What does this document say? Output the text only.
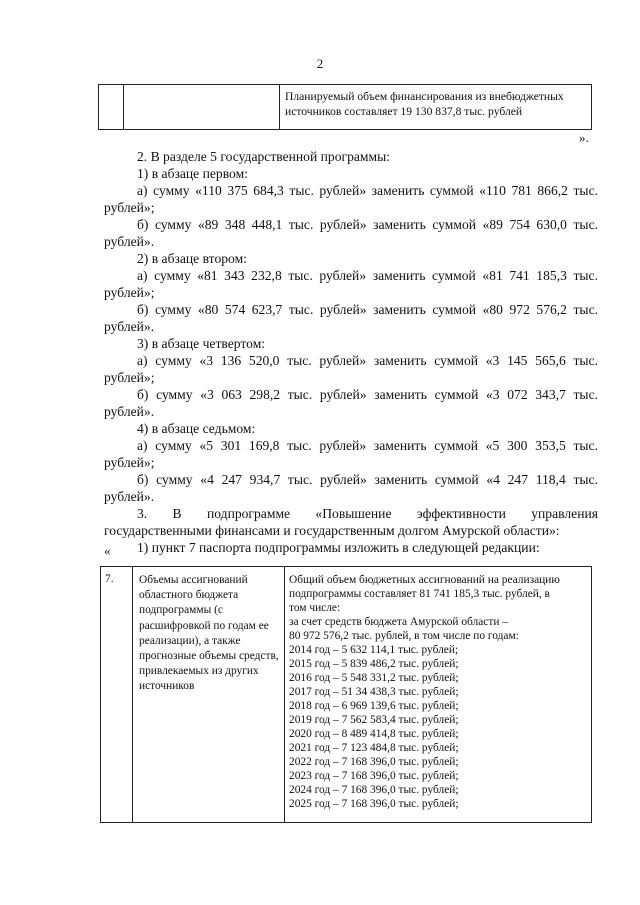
2
Планируемый объем финансирования из внебюджетных источников составляет 19 130 837,8 тыс. рублей
».

2. В разделе 5 государственной программы:

1) в абзаце первом:

а) сумму «110 375 684,3 тыс. рублей» заменить суммой «110 781 866,2 тыс. рублей»;

б) сумму «89 348 448,1 тыс. рублей» заменить суммой «89 754 630,0 тыс. рублей».

2) в абзаце втором:

а) сумму «81 343 232,8 тыс. рублей» заменить суммой «81 741 185,3 тыс. рублей»;

б) сумму «80 574 623,7 тыс. рублей» заменить суммой «80 972 576,2 тыс. рублей».

3) в абзаце четвертом:

а) сумму «3 136 520,0 тыс. рублей» заменить суммой «3 145 565,6 тыс. рублей»;

б) сумму «3 063 298,2 тыс. рублей» заменить суммой «3 072 343,7 тыс. рублей».

4) в абзаце седьмом:

а) сумму «5 301 169,8 тыс. рублей» заменить суммой «5 300 353,5 тыс. рублей»;

б) сумму «4 247 934,7 тыс. рублей» заменить суммой «4 247 118,4 тыс. рублей».

3. В подпрограмме «Повышение эффективности управления государственными финансами и государственным долгом Амурской области»:

1) пункт 7 паспорта подпрограммы изложить в следующей редакции:

«
7.	Объемы ассигнований областного бюджета подпрограммы (с расшифровкой по годам ее реализации), а также прогнозные объемы средств, привлекаемых из других источников
Общий объем бюджетных ассигнований на реализацию
подпрограммы составляет 81 741 185,3 тыс. рублей, в
том числе:
за счет средств бюджета Амурской области –
80 972 576,2 тыс. рублей, в том числе по годам:
2014 год – 5 632 114,1 тыс. рублей;
2015 год – 5 839 486,2 тыс. рублей;
2016 год – 5 548 331,2 тыс. рублей;
2017 год – 51 34 438,3 тыс. рублей;
2018 год – 6 969 139,6 тыс. рублей;
2019 год – 7 562 583,4 тыс. рублей;
2020 год – 8 489 414,8 тыс. рублей;
2021 год – 7 123 484,8 тыс. рублей;
2022 год – 7 168 396,0 тыс. рублей;
2023 год – 7 168 396,0 тыс. рублей;
2024 год – 7 168 396,0 тыс. рублей;
2025 год – 7 168 396,0 тыс. рублей;
